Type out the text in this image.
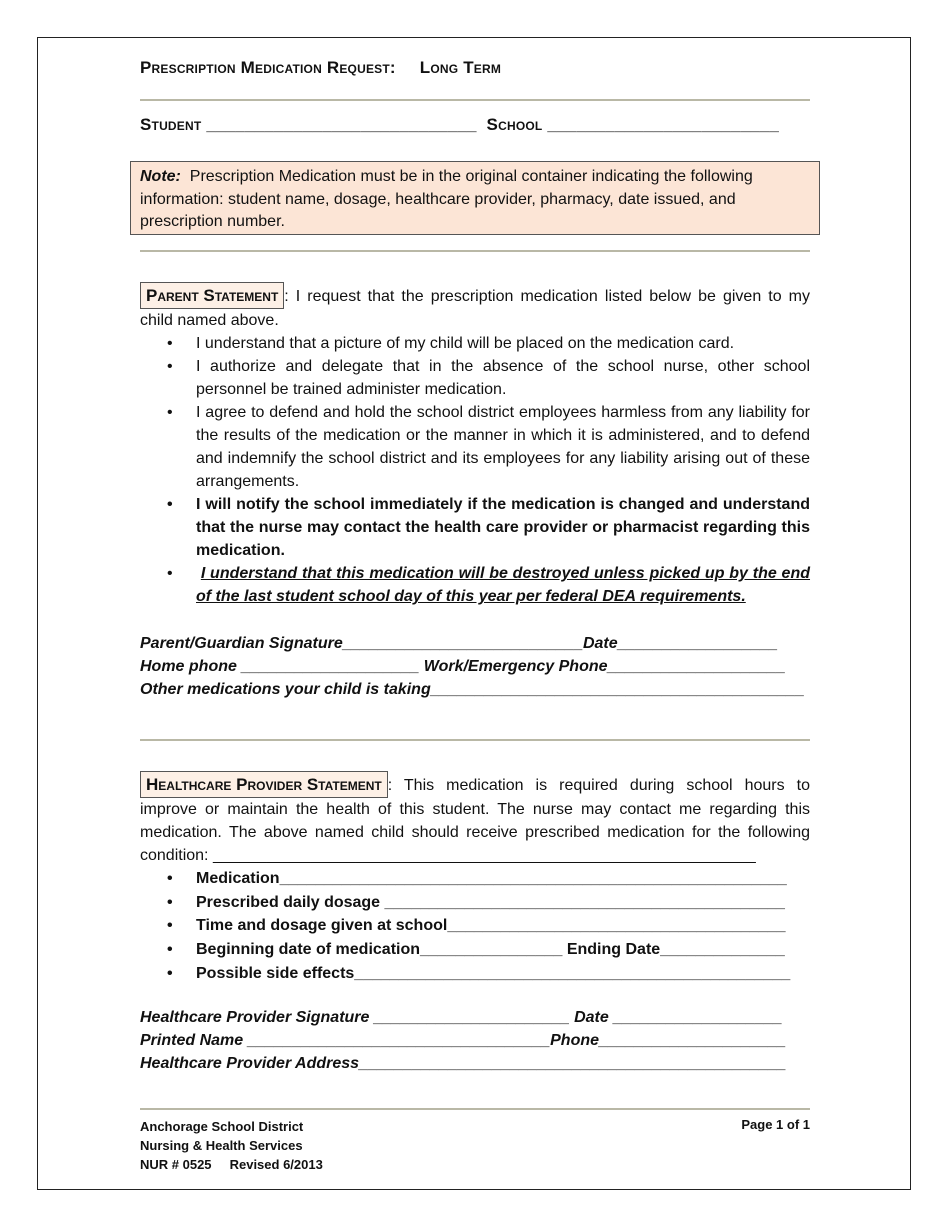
Prescription Medication Request: Long Term
Student ____________________________ School ________________________
Note: Prescription Medication must be in the original container indicating the following information: student name, dosage, healthcare provider, pharmacy, date issued, and prescription number.
Parent Statement : I request that the prescription medication listed below be given to my child named above.
• I understand that a picture of my child will be placed on the medication card.
• I authorize and delegate that in the absence of the school nurse, other school personnel be trained administer medication.
• I agree to defend and hold the school district employees harmless from any liability for the results of the medication or the manner in which it is administered, and to defend and indemnify the school district and its employees for any liability arising out of these arrangements.
• I will notify the school immediately if the medication is changed and understand that the nurse may contact the health care provider or pharmacist regarding this medication.
• I understand that this medication will be destroyed unless picked up by the end of the last student school day of this year per federal DEA requirements.
Parent/Guardian Signature___________________________Date__________________
Home phone ____________________ Work/Emergency Phone____________________
Other medications your child is taking__________________________________________
Healthcare Provider Statement : This medication is required during school hours to improve or maintain the health of this student. The nurse may contact me regarding this medication. The above named child should receive prescribed medication for the following condition: _____________________________________________________________
• Medication_________________________________________________________
• Prescribed daily dosage _____________________________________________
• Time and dosage given at school______________________________________
• Beginning date of medication________________ Ending Date______________
• Possible side effects_________________________________________________
Healthcare Provider Signature ______________________ Date ___________________
Printed Name __________________________________Phone_____________________
Healthcare Provider Address________________________________________________
Anchorage School District
Nursing & Health Services
NUR # 0525     Revised 6/2013
Page 1 of 1
